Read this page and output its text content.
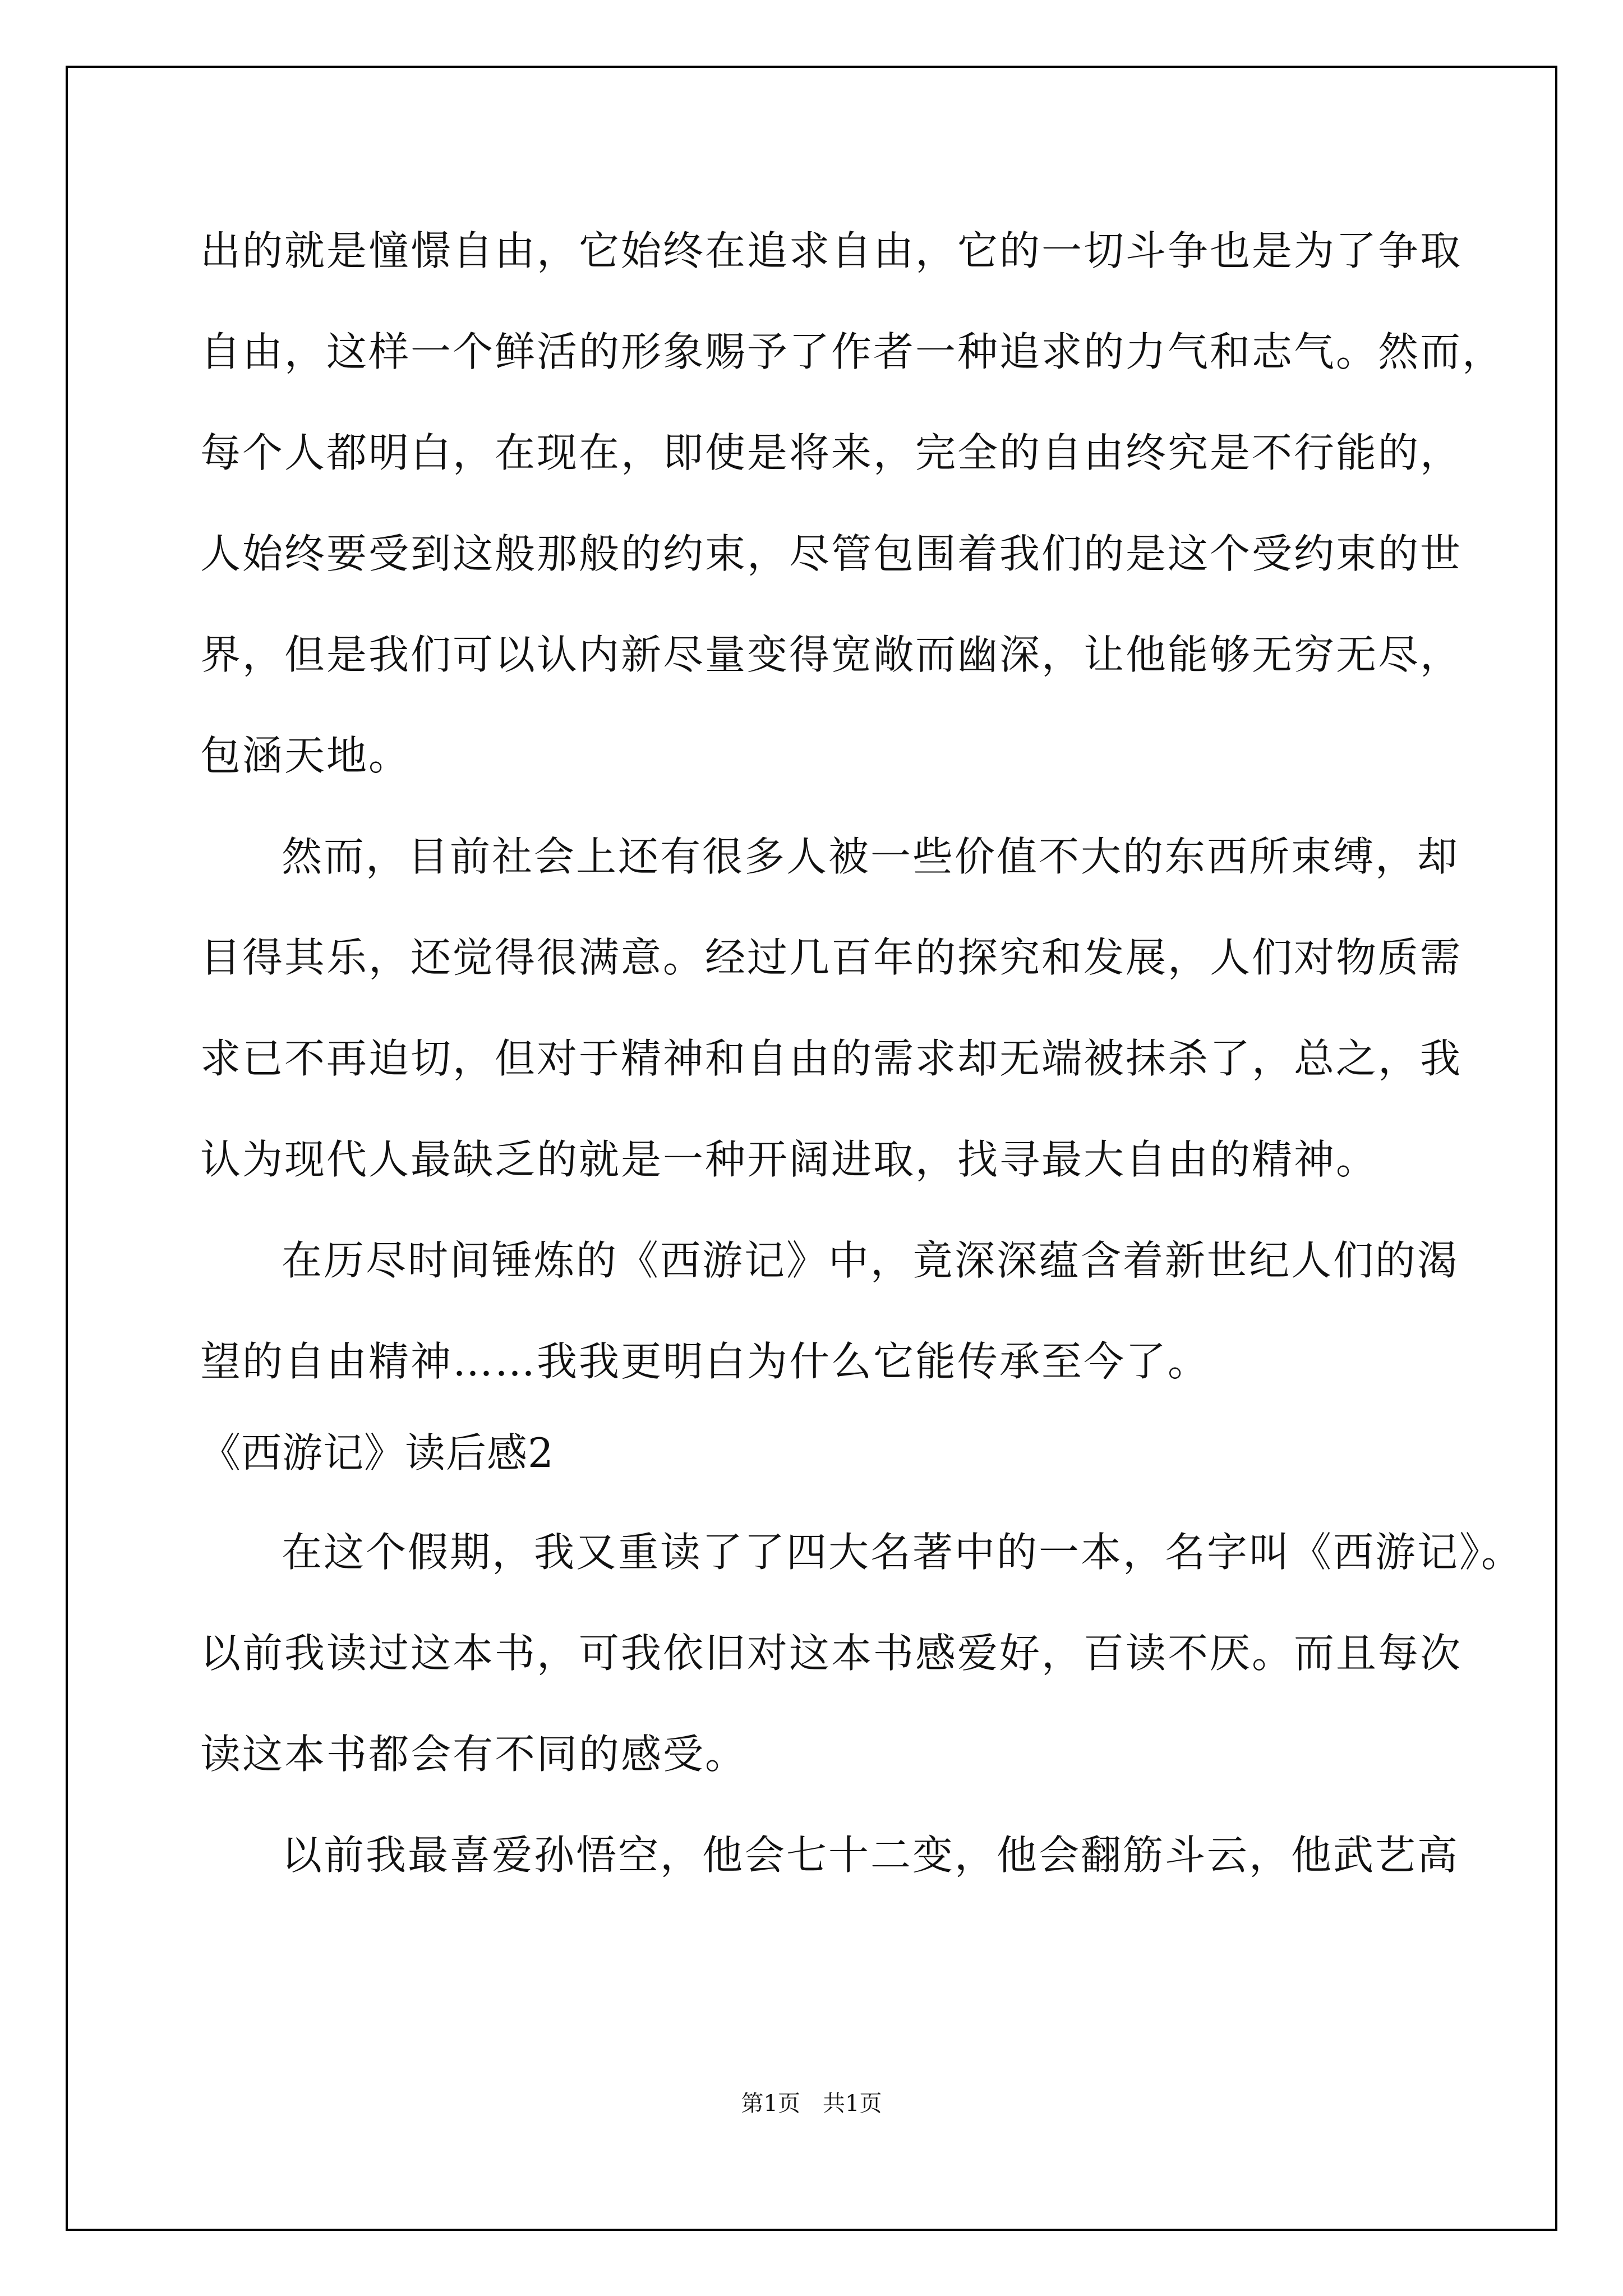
出的就是憧憬自由，它始终在追求自由，它的一切斗争也是为了争取
自由，这样一个鲜活的形象赐予了作者一种追求的力气和志气。然而，
每个人都明白，在现在，即使是将来，完全的自由终究是不行能的，
人始终要受到这般那般的约束，尽管包围着我们的是这个受约束的世
界，但是我们可以认内新尽量变得宽敞而幽深，让他能够无穷无尽，
包涵天地。
然而，目前社会上还有很多人被一些价值不大的东西所束缚，却
目得其乐，还觉得很满意。经过几百年的探究和发展，人们对物质需
求已不再迫切，但对于精神和自由的需求却无端被抹杀了，总之，我
认为现代人最缺乏的就是一种开阔进取，找寻最大自由的精神。
在历尽时间锤炼的《西游记》中，竟深深蕴含着新世纪人们的渴
望的自由精神……我我更明白为什么它能传承至今了。
《西游记》读后感2
在这个假期，我又重读了了四大名著中的一本，名字叫《西游记》。
以前我读过这本书，可我依旧对这本书感爱好，百读不厌。而且每次
读这本书都会有不同的感受。
以前我最喜爱孙悟空，他会七十二变，他会翻筋斗云，他武艺高
第1页 共1页
